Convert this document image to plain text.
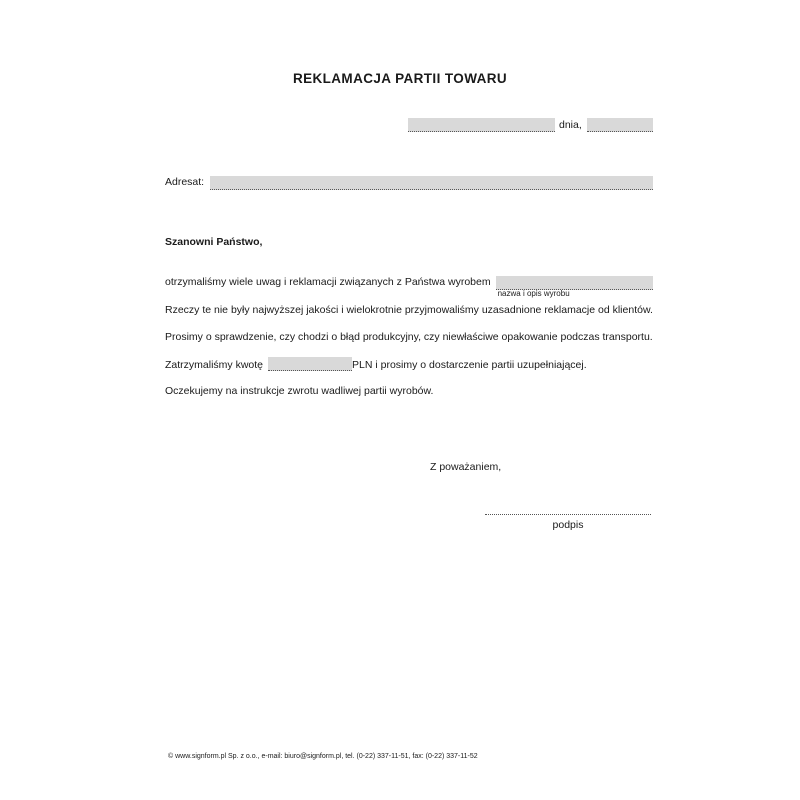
REKLAMACJA PARTII TOWARU
dnia,
Adresat:

Szanowni Państwo,

otrzymaliśmy wiele uwag i reklamacji związanych z Państwa wyrobem
nazwa i opis wyrobu

Rzeczy te nie były najwyższej jakości i wielokrotnie przyjmowaliśmy uzasadnione reklamacje od klientów.

Prosimy o sprawdzenie, czy chodzi o błąd produkcyjny, czy niewłaściwe opakowanie podczas transportu.

Zatrzymaliśmy kwotę	PLN i prosimy o dostarczenie partii uzupełniającej.

Oczekujemy na instrukcje zwrotu wadliwej partii wyrobów.

Z poważaniem,

podpis
© www.signform.pl Sp. z o.o., e-mail: biuro@signform.pl, tel. (0-22) 337-11-51, fax: (0-22) 337-11-52
